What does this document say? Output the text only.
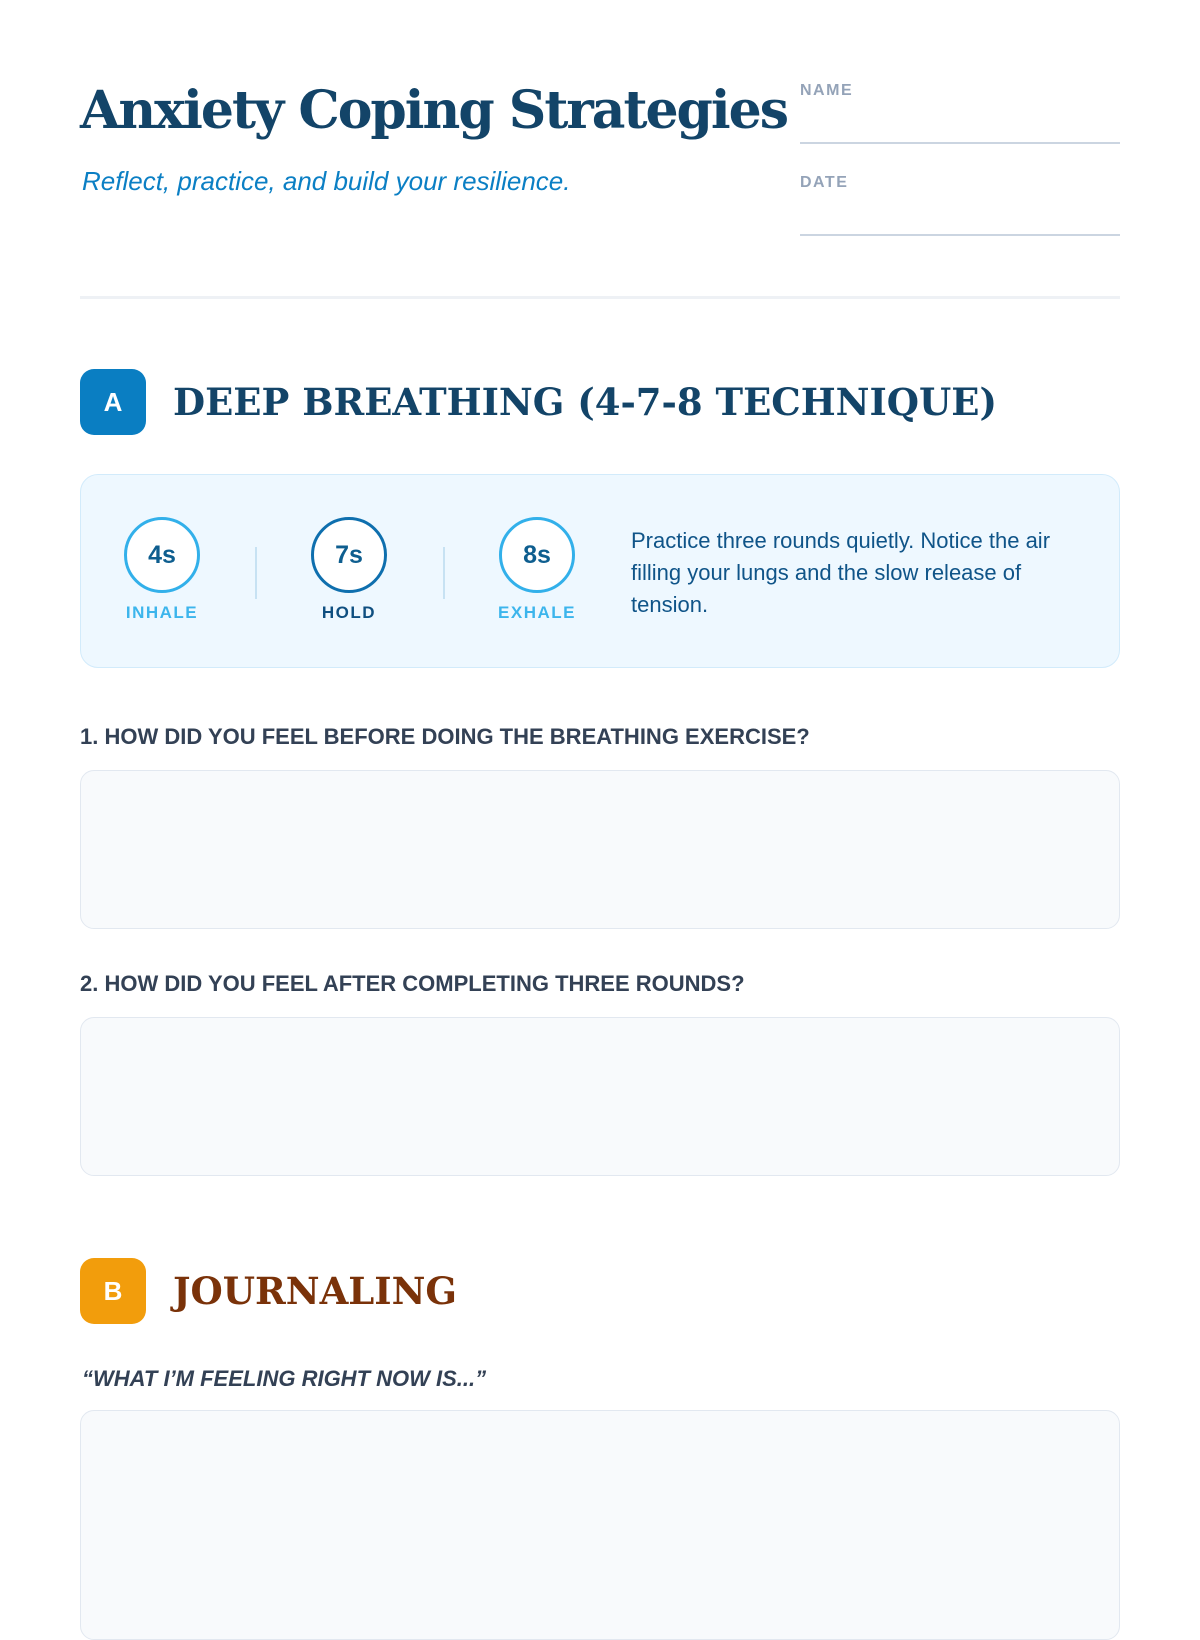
Anxiety Coping Strategies

Reflect, practice, and build your resilience.

NAME
DATE
A	DEEP BREATHING (4-7-8 TECHNIQUE)
4s
INHALE
7s
HOLD
8s
EXHALE

Practice three rounds quietly. Notice the air filling your lungs and the slow release of tension.

1. HOW DID YOU FEEL BEFORE DOING THE BREATHING EXERCISE?

2. HOW DID YOU FEEL AFTER COMPLETING THREE ROUNDS?

B	JOURNALING

“WHAT I’M FEELING RIGHT NOW IS...”
